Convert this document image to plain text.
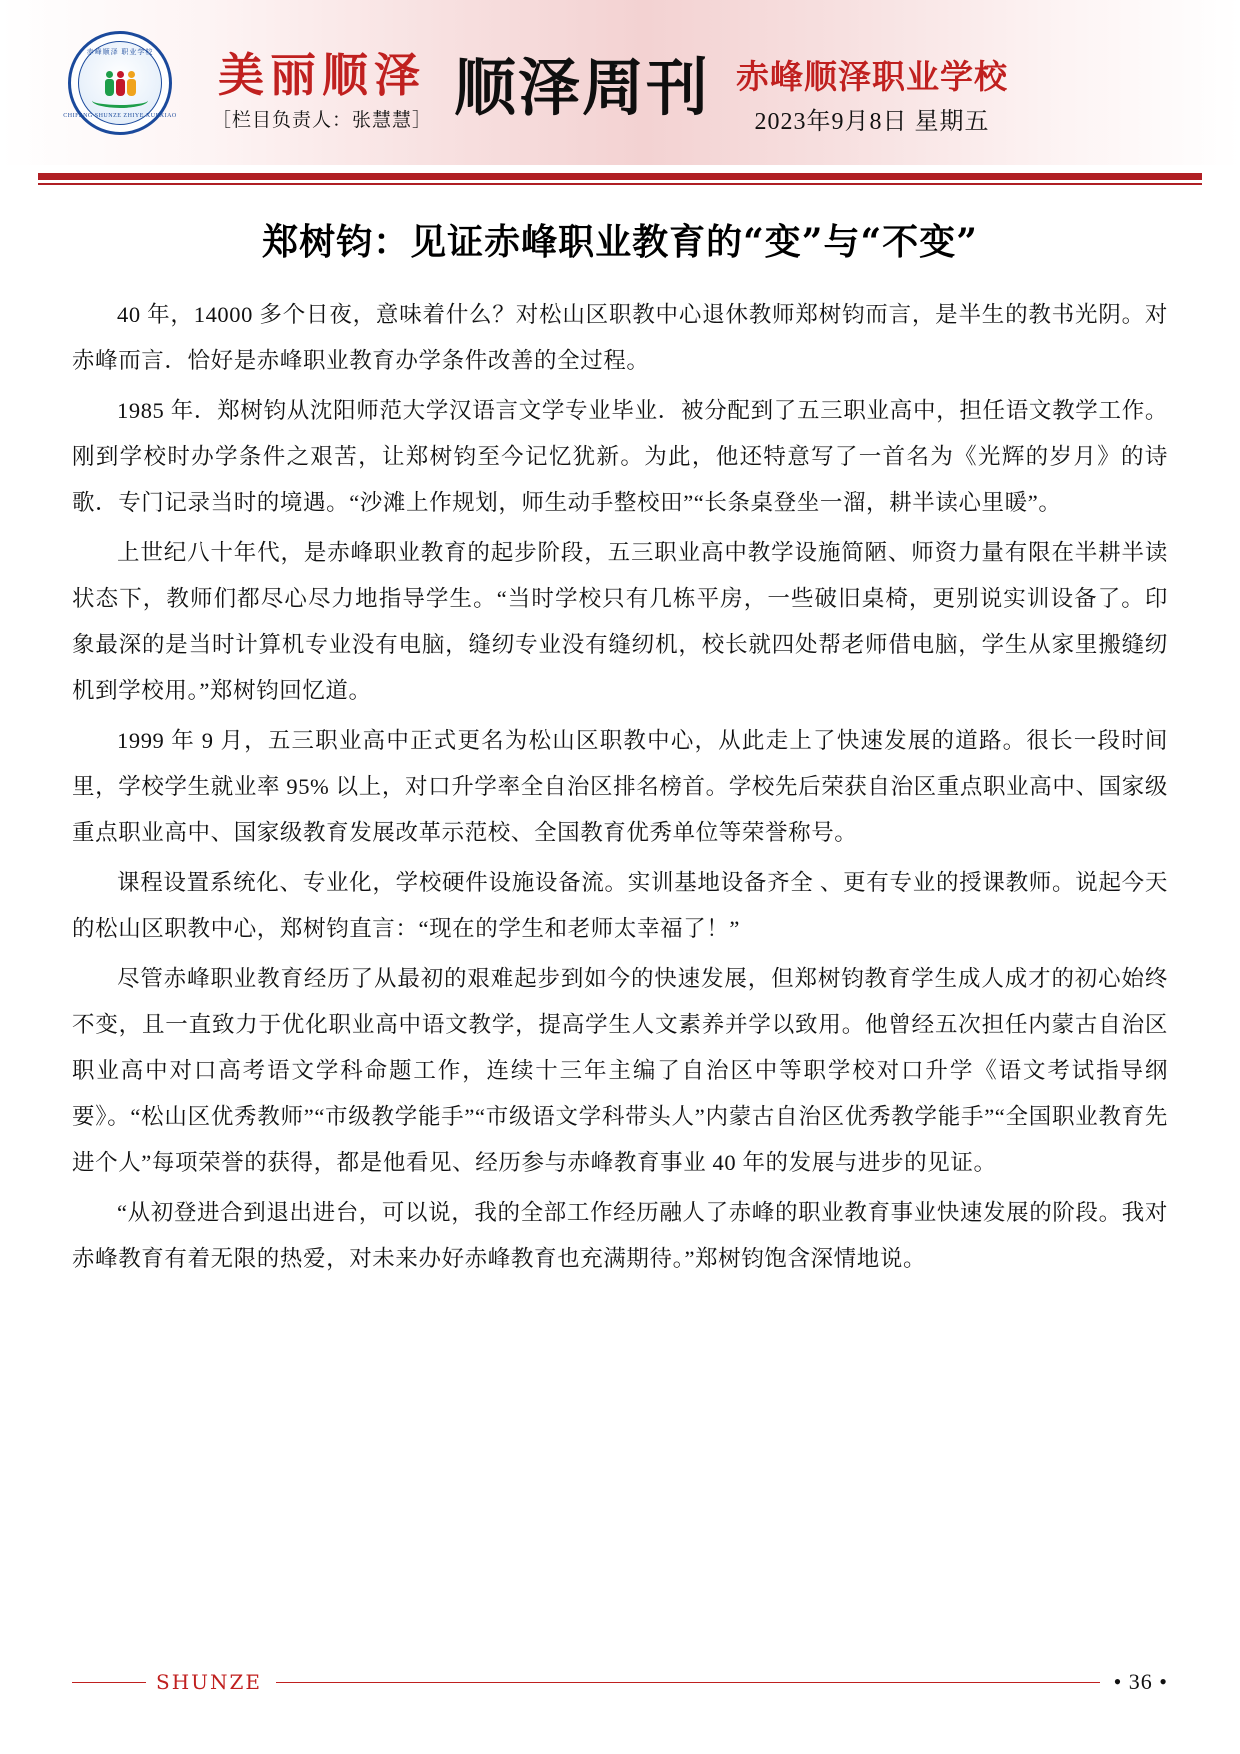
赤峰顺泽 职业学校
CHIFENG SHUNZE ZHIYE XUEXIAO
美丽顺泽
［栏目负责人：张慧慧］ 顺泽周刊 赤峰顺泽职业学校
2023年9月8日 星期五
郑树钧：见证赤峰职业教育的“变”与“不变”

40 年，14000 多个日夜，意味着什么？对松山区职教中心退休教师郑树钧而言，是半生的教书光阴。对赤峰而言．恰好是赤峰职业教育办学条件改善的全过程。

1985 年．郑树钧从沈阳师范大学汉语言文学专业毕业．被分配到了五三职业高中，担任语文教学工作。刚到学校时办学条件之艰苦，让郑树钧至今记忆犹新。为此，他还特意写了一首名为《光辉的岁月》的诗歌．专门记录当时的境遇。“沙滩上作规划，师生动手整校田”“长条桌登坐一溜，耕半读心里暖”。

上世纪八十年代，是赤峰职业教育的起步阶段，五三职业高中教学设施简陋、师资力量有限在半耕半读状态下，教师们都尽心尽力地指导学生。“当时学校只有几栋平房，一些破旧桌椅，更别说实训设备了。印象最深的是当时计算机专业没有电脑，缝纫专业没有缝纫机，校长就四处帮老师借电脑，学生从家里搬缝纫机到学校用。”郑树钧回忆道。

1999 年 9 月，五三职业高中正式更名为松山区职教中心，从此走上了快速发展的道路。很长一段时间里，学校学生就业率 95% 以上，对口升学率全自治区排名榜首。学校先后荣获自治区重点职业高中、国家级重点职业高中、国家级教育发展改革示范校、全国教育优秀单位等荣誉称号。

课程设置系统化、专业化，学校硬件设施设备流。实训基地设备齐全 、更有专业的授课教师。说起今天的松山区职教中心，郑树钧直言：“现在的学生和老师太幸福了！”

尽管赤峰职业教育经历了从最初的艰难起步到如今的快速发展，但郑树钧教育学生成人成才的初心始终不变，且一直致力于优化职业高中语文教学，提高学生人文素养并学以致用。他曾经五次担任内蒙古自治区职业高中对口高考语文学科命题工作，连续十三年主编了自治区中等职学校对口升学《语文考试指导纲要》。“松山区优秀教师”“市级教学能手”“市级语文学科带头人”内蒙古自治区优秀教学能手”“全国职业教育先进个人”每项荣誉的获得，都是他看见、经历参与赤峰教育事业 40 年的发展与进步的见证。

“从初登进合到退出进台，可以说，我的全部工作经历融人了赤峰的职业教育事业快速发展的阶段。我对赤峰教育有着无限的热爱，对未来办好赤峰教育也充满期待。”郑树钧饱含深情地说。

SHUNZE	• 36 •
